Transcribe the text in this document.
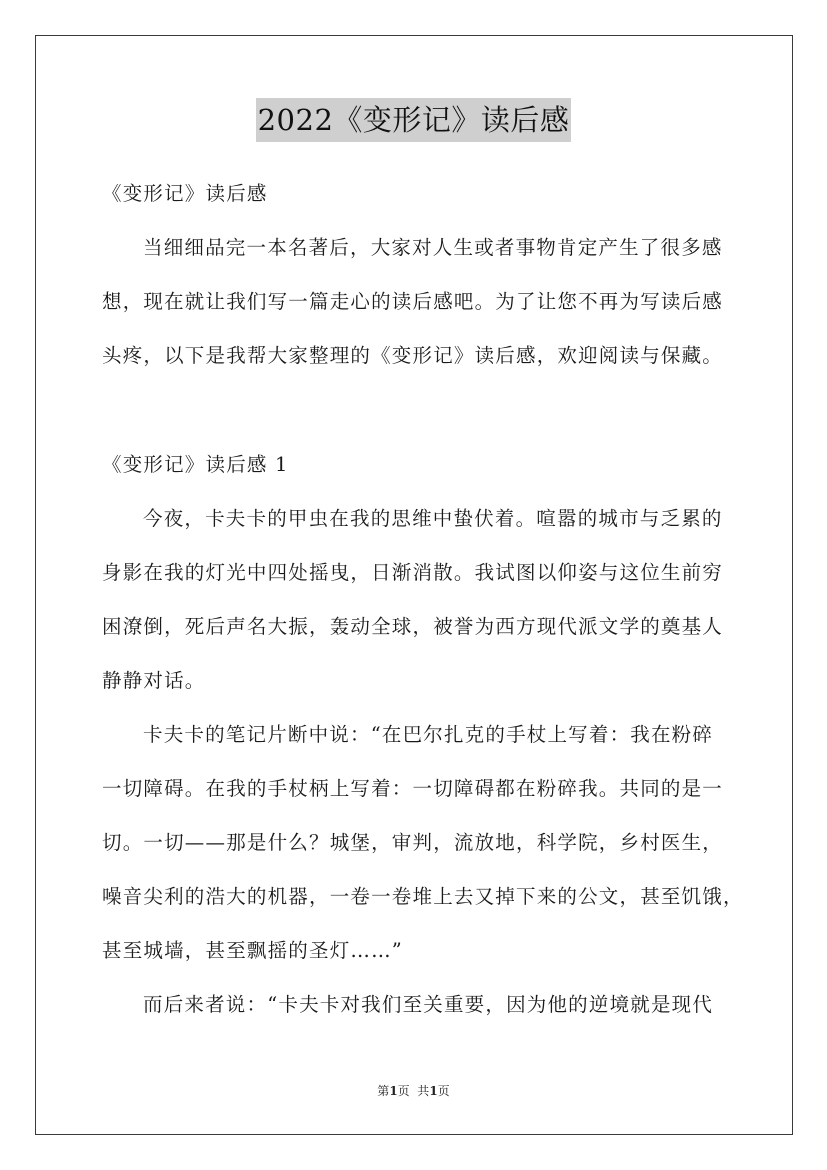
2022《变形记》读后感
《变形记》读后感
当细细品完一本名著后，大家对人生或者事物肯定产生了很多感
想，现在就让我们写一篇走心的读后感吧。为了让您不再为写读后感
头疼，以下是我帮大家整理的《变形记》读后感，欢迎阅读与保藏。
《变形记》读后感 1
今夜，卡夫卡的甲虫在我的思维中蛰伏着。喧嚣的城市与乏累的
身影在我的灯光中四处摇曳，日渐消散。我试图以仰姿与这位生前穷
困潦倒，死后声名大振，轰动全球，被誉为西方现代派文学的奠基人
静静对话。
卡夫卡的笔记片断中说：“在巴尔扎克的手杖上写着：我在粉碎
一切障碍。在我的手杖柄上写着：一切障碍都在粉碎我。共同的是一
切。一切——那是什么？城堡，审判，流放地，科学院，乡村医生，
噪音尖利的浩大的机器，一卷一卷堆上去又掉下来的公文，甚至饥饿，
甚至城墙，甚至飘摇的圣灯……”
而后来者说：“卡夫卡对我们至关重要，因为他的逆境就是现代
第1页  共1页
